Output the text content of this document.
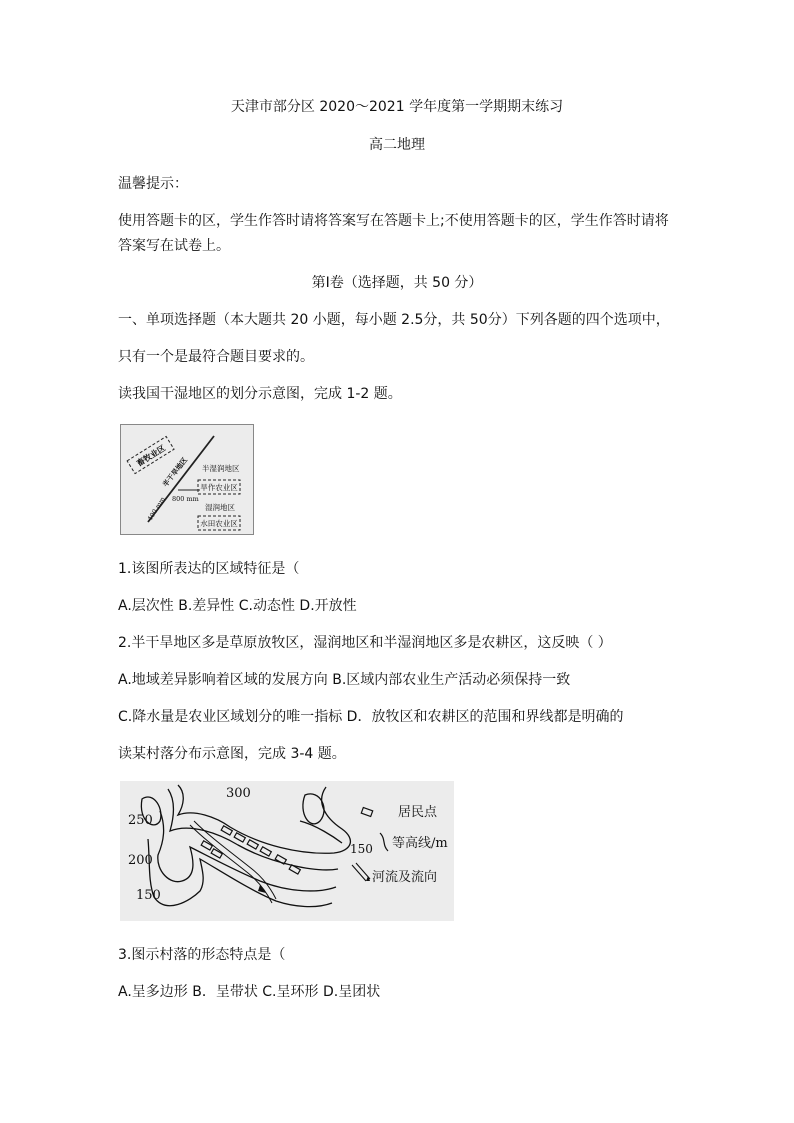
天津市部分区 2020～2021 学年度第一学期期末练习
高二地理
温馨提示：
使用答题卡的区，学生作答时请将答案写在答题卡上;不使用答题卡的区，学生作答时请将
答案写在试卷上。
第Ⅰ卷（选择题，共 50 分）
一、单项选择题（本大题共 20 小题，每小题 2.5分，共 50分）下列各题的四个选项中，
只有一个是最符合题目要求的。
读我国干湿地区的划分示意图，完成 1-2 题。
畜牧业区
半干旱地区
400 mm 800 mm
半湿润地区
旱作农业区
湿润地区
水田农业区
1.该图所表达的区域特征是（
A.层次性 B.差异性 C.动态性 D.开放性
2.半干旱地区多是草原放牧区，湿润地区和半湿润地区多是农耕区，这反映（ ）
A.地域差异影响着区域的发展方向 B.区域内部农业生产活动必须保持一致
C.降水量是农业区域划分的唯一指标 D．放牧区和农耕区的范围和界线都是明确的
读某村落分布示意图，完成 3-4 题。
300
250
200
150
居民点
等高线/m
150
河流及流向
3.图示村落的形态特点是（
A.呈多边形 B．呈带状 C.呈环形 D.呈团状
